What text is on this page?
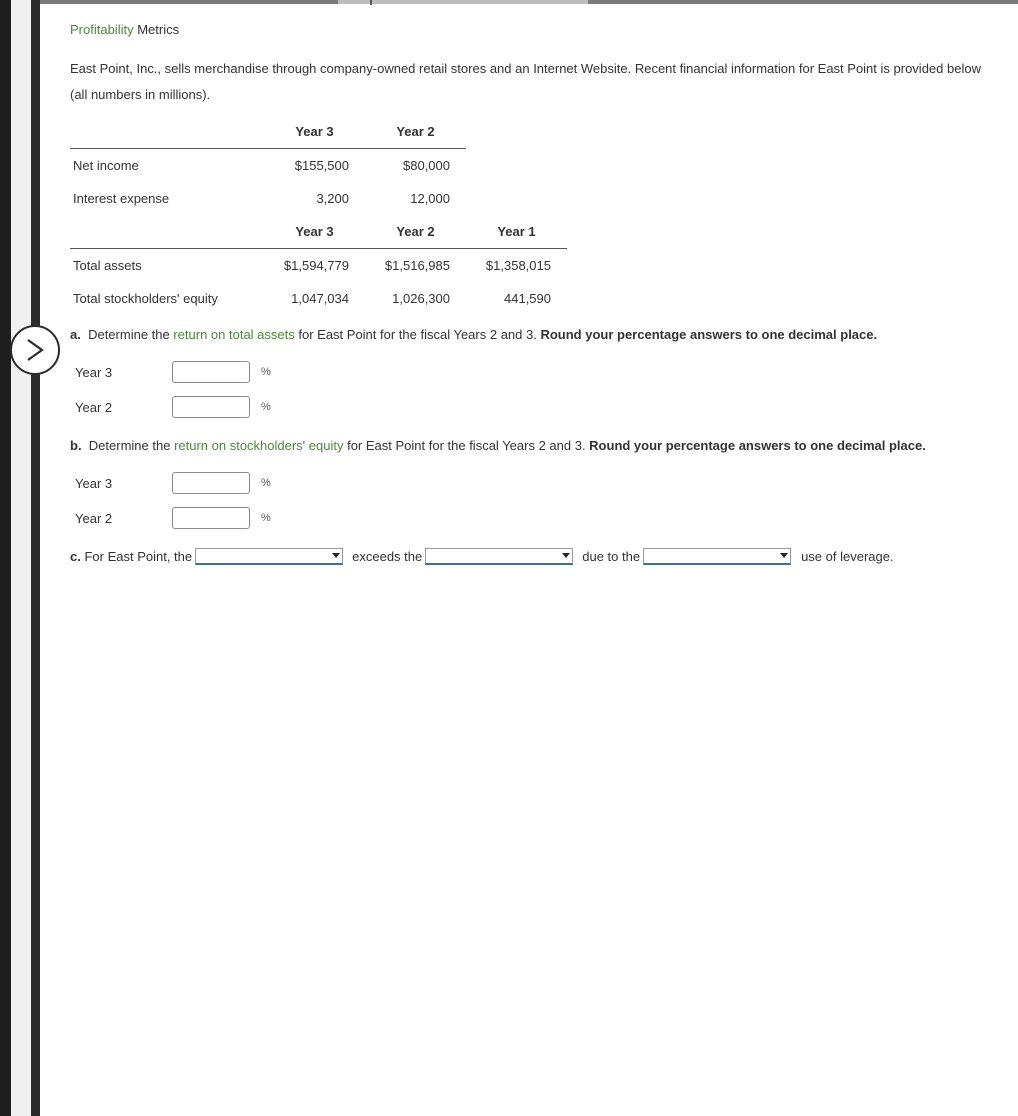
Profitability Metrics
East Point, Inc., sells merchandise through company-owned retail stores and an Internet Website. Recent financial information for East Point is provided below (all numbers in millions).
	Year 3	Year 2
Net income	$155,500	$80,000
Interest expense	3,200	12,000
	Year 3	Year 2	Year 1
Total assets	$1,594,779	$1,516,985	$1,358,015
Total stockholders' equity	1,047,034	1,026,300	441,590
a. Determine the return on total assets for East Point for the fiscal Years 2 and 3. Round your percentage answers to one decimal place.
Year 3	%
Year 2	%
b. Determine the return on stockholders' equity for East Point for the fiscal Years 2 and 3. Round your percentage answers to one decimal place.
Year 3	%
Year 2	%
c.
For East Point, the	exceeds the	due to the	use of leverage.
